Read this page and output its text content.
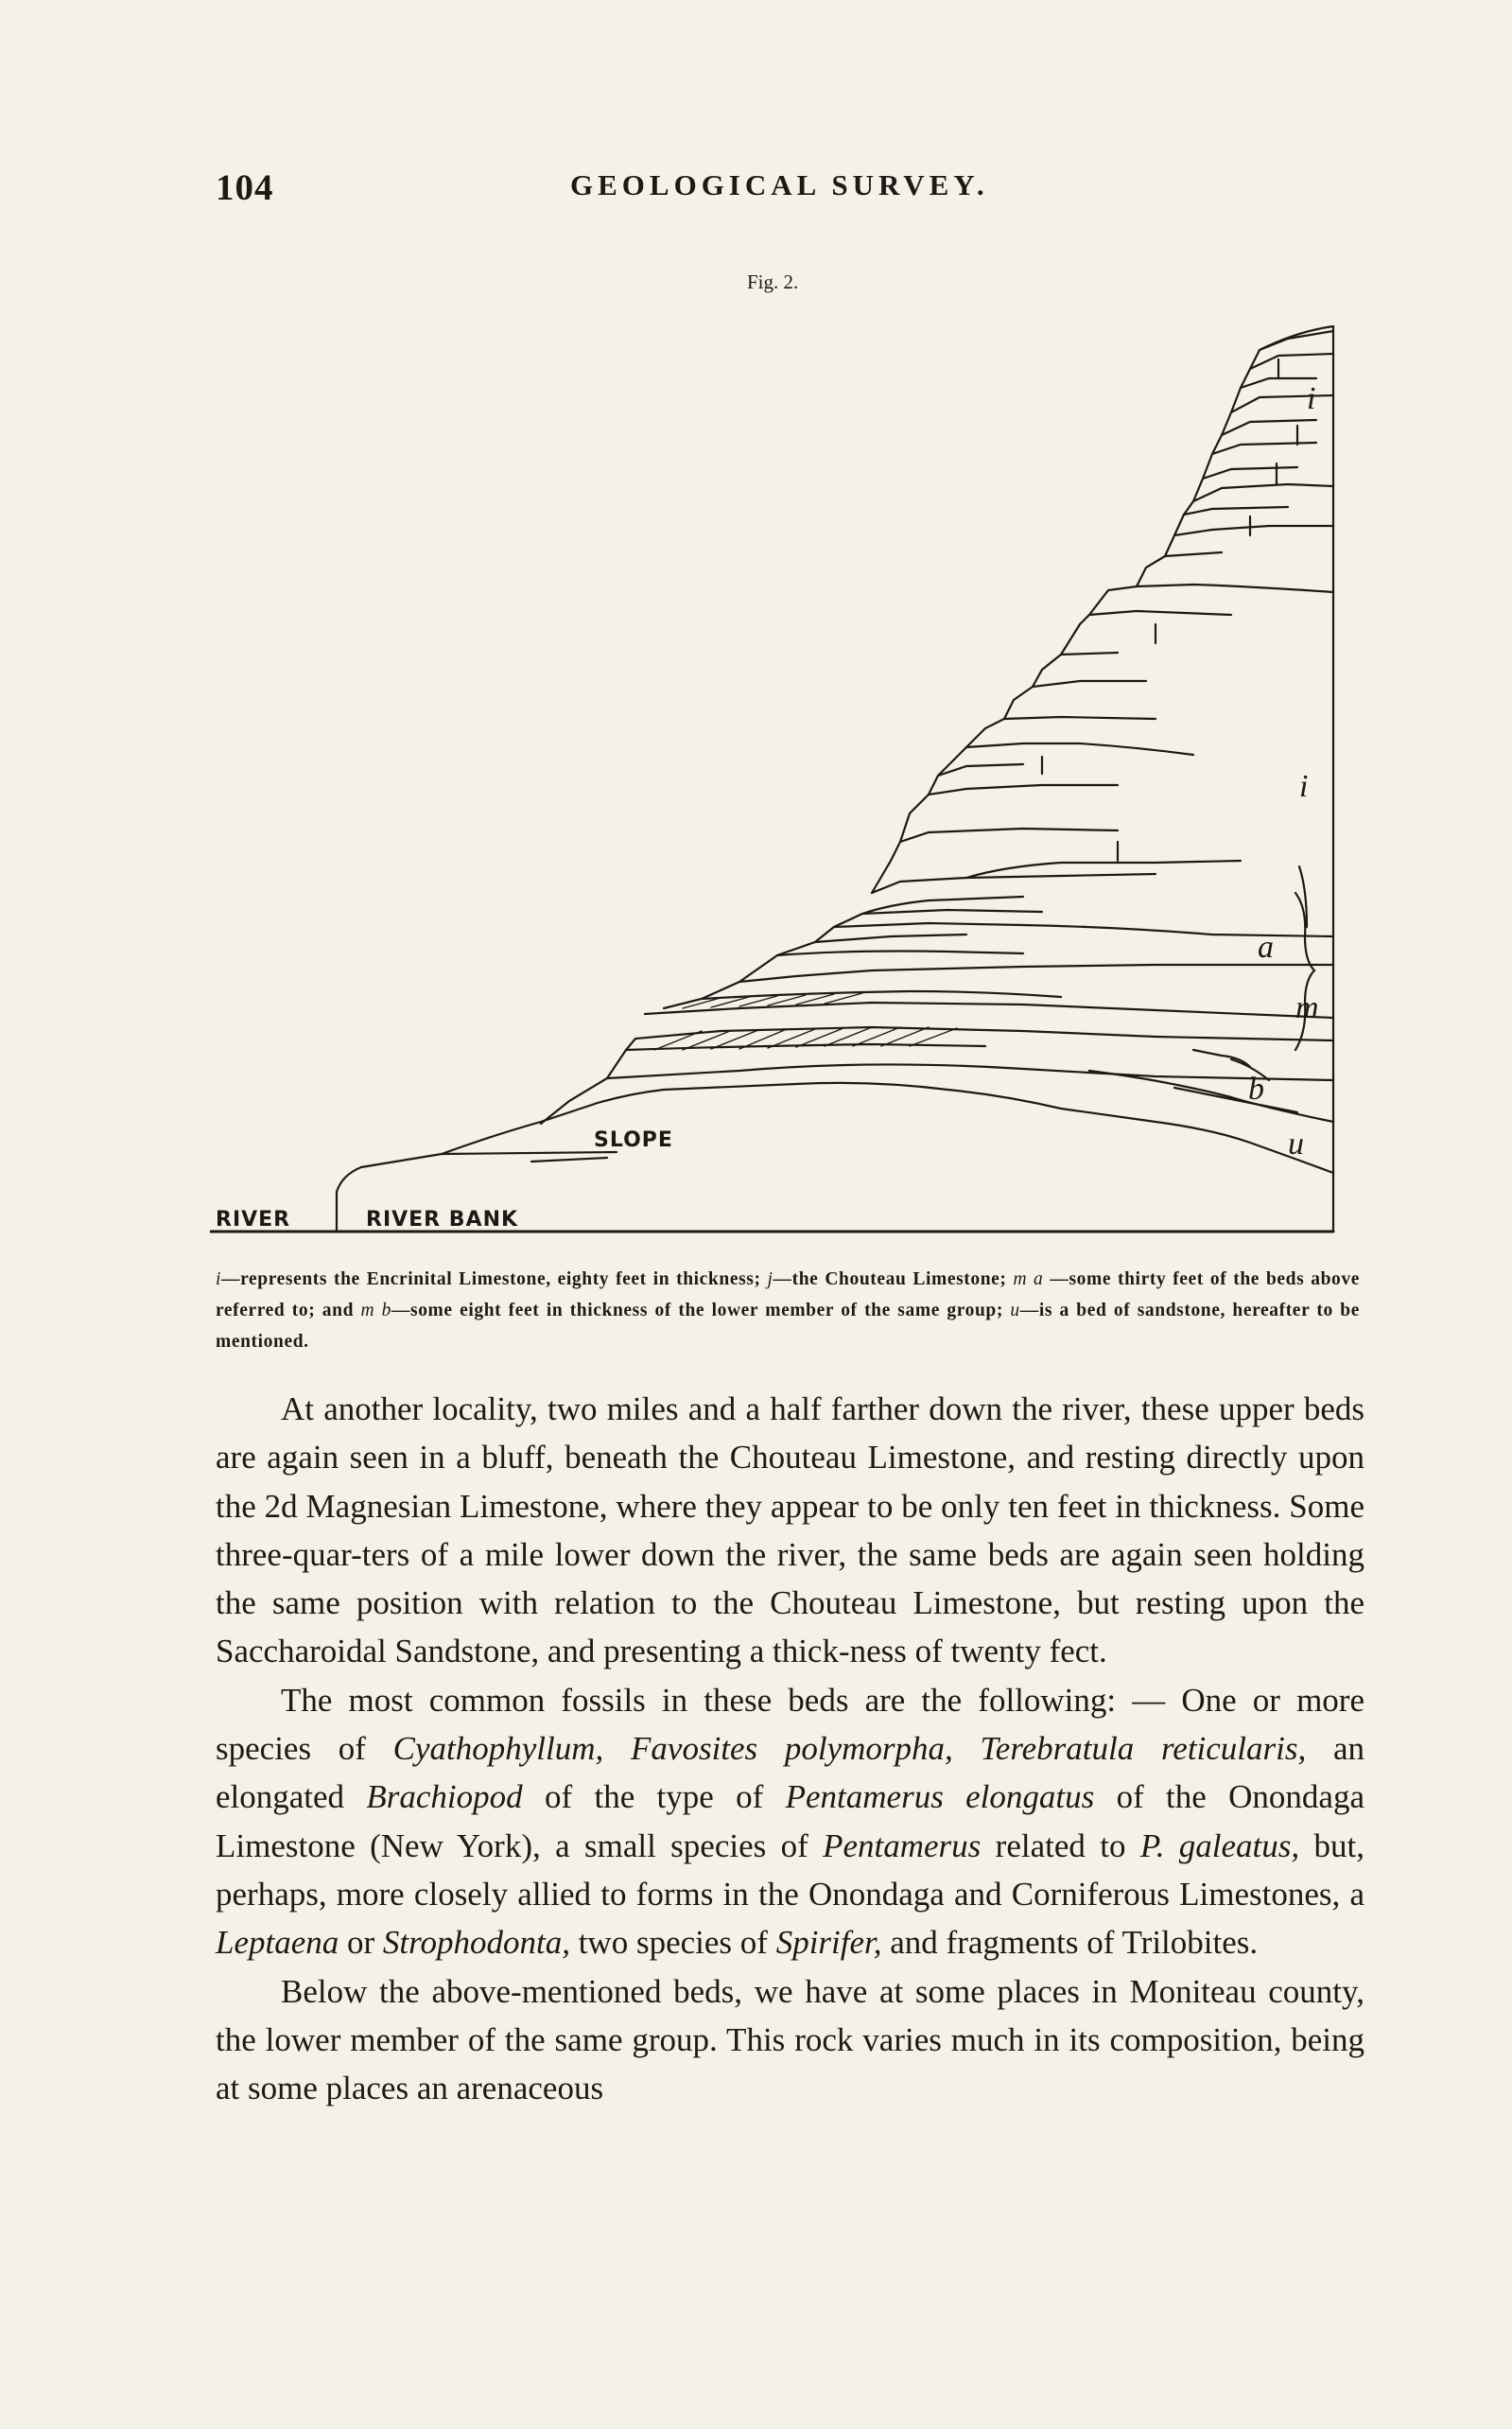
104	GEOLOGICAL SURVEY.
Fig. 2.
RIVER	RIVER BANK
SLOPE
i
i
a
m
b
u
i—represents the Encrinital Limestone, eighty feet in thickness; j—the Chouteau Limestone; m a —some thirty feet of the beds above referred to; and m b—some eight feet in thickness of the lower member of the same group; u—is a bed of sandstone, hereafter to be mentioned.

At another locality, two miles and a half farther down the river, these upper beds are again seen in a bluff, beneath the Chouteau Limestone, and resting directly upon the 2d Magnesian Limestone, where they appear to be only ten feet in thickness. Some three-quar-ters of a mile lower down the river, the same beds are again seen holding the same position with relation to the Chouteau Limestone, but resting upon the Saccharoidal Sandstone, and presenting a thick-ness of twenty fect.

The most common fossils in these beds are the following: — One or more species of Cyathophyllum, Favosites polymorpha, Terebratula reticularis, an elongated Brachiopod of the type of Pentamerus elongatus of the Onondaga Limestone (New York), a small species of Pentamerus related to P. galeatus, but, perhaps, more closely allied to forms in the Onondaga and Corniferous Limestones, a Leptaena or Strophodonta, two species of Spirifer, and fragments of Trilobites.

Below the above-mentioned beds, we have at some places in Moniteau county, the lower member of the same group. This rock varies much in its composition, being at some places an arenaceous
